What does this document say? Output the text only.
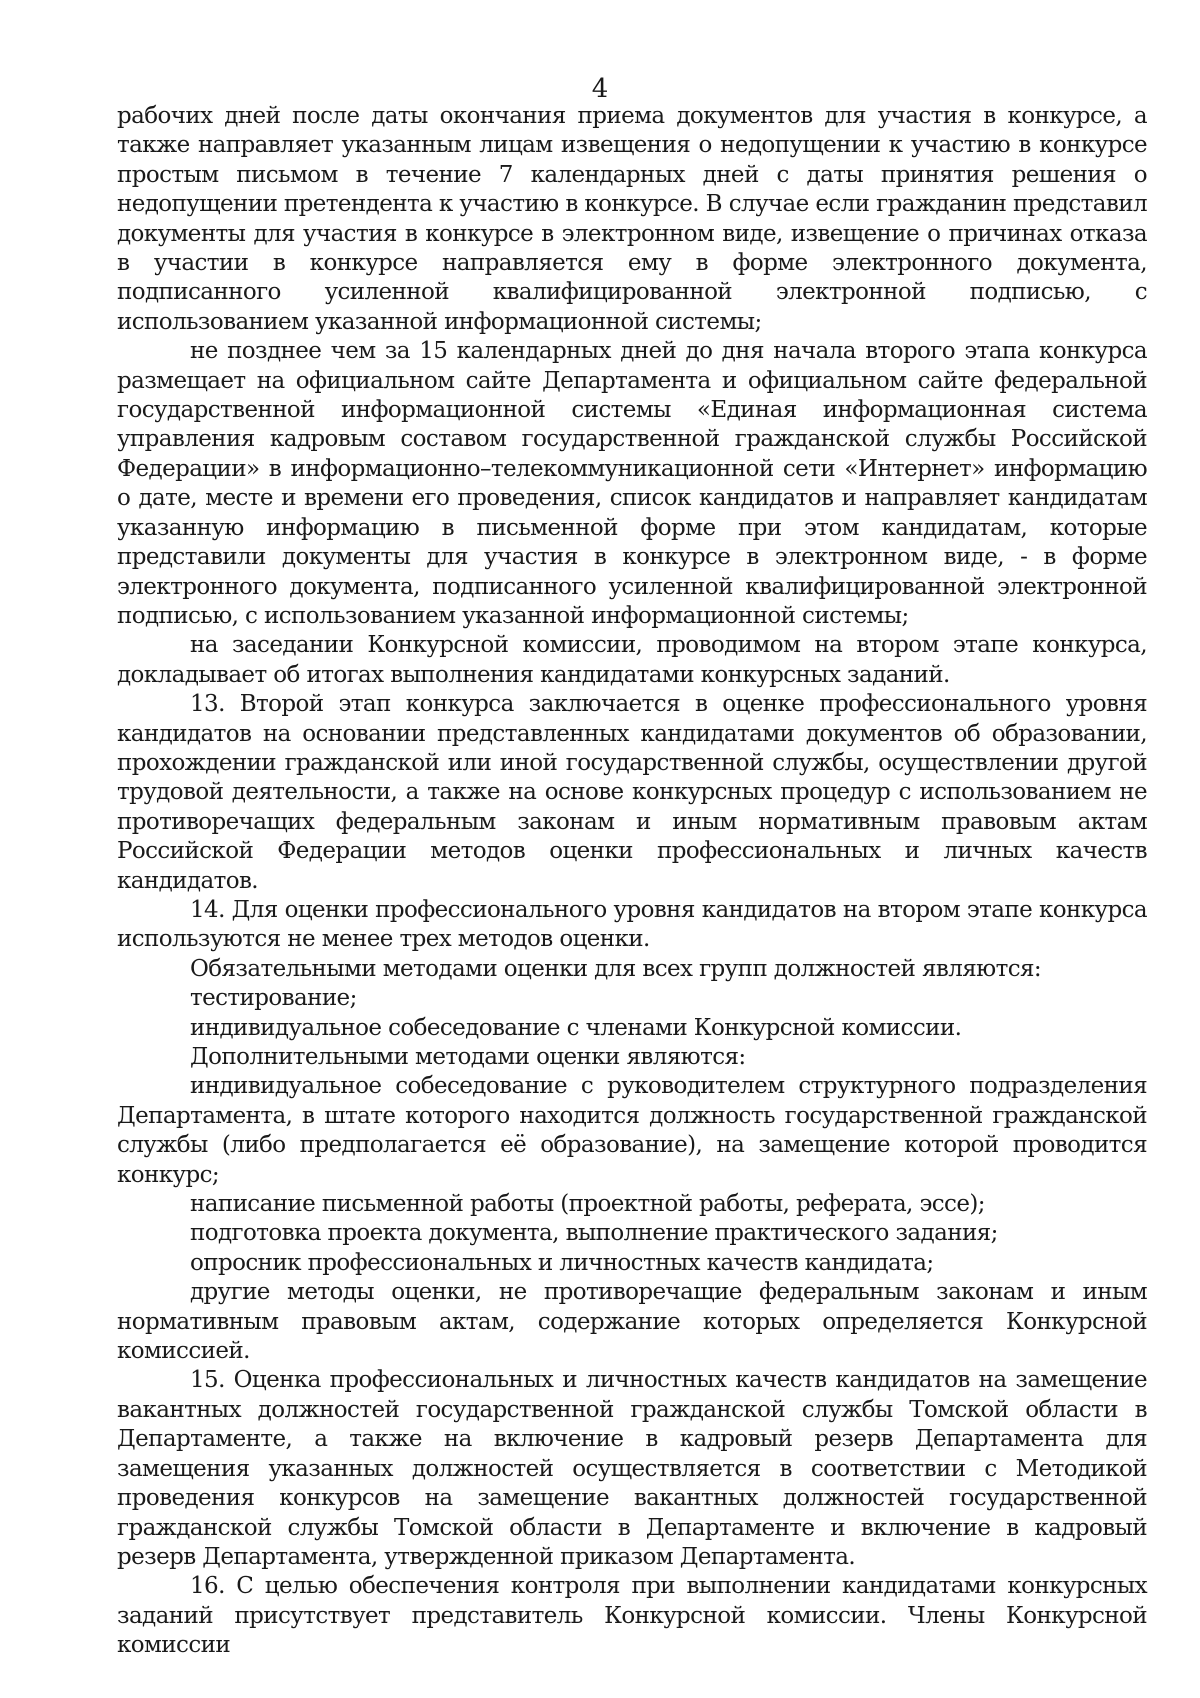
4

рабочих дней после даты окончания приема документов для участия в конкурсе, а также направляет указанным лицам извещения о недопущении к участию в конкурсе простым письмом в течение 7 календарных дней с даты принятия решения о недопущении претендента к участию в конкурсе. В случае если гражданин представил документы для участия в конкурсе в электронном виде, извещение о причинах отказа в участии в конкурсе направляется ему в форме электронного документа, подписанного усиленной квалифицированной электронной подписью, с использованием указанной информационной системы;

не позднее чем за 15 календарных дней до дня начала второго этапа конкурса размещает на официальном сайте Департамента и официальном сайте федеральной государственной информационной системы «Единая информационная система управления кадровым составом государственной гражданской службы Российской Федерации» в информационно–телекоммуникационной сети «Интернет» информацию о дате, месте и времени его проведения, список кандидатов и направляет кандидатам указанную информацию в письменной форме при этом кандидатам, которые представили документы для участия в конкурсе в электронном виде, - в форме электронного документа, подписанного усиленной квалифицированной электронной подписью, с использованием указанной информационной системы;

на заседании Конкурсной комиссии, проводимом на втором этапе конкурса, докладывает об итогах выполнения кандидатами конкурсных заданий.

13. Второй этап конкурса заключается в оценке профессионального уровня кандидатов на основании представленных кандидатами документов об образовании, прохождении гражданской или иной государственной службы, осуществлении другой трудовой деятельности, а также на основе конкурсных процедур с использованием не противоречащих федеральным законам и иным нормативным правовым актам Российской Федерации методов оценки профессиональных и личных качеств кандидатов.

14. Для оценки профессионального уровня кандидатов на втором этапе конкурса используются не менее трех методов оценки.

Обязательными методами оценки для всех групп должностей являются:

тестирование;

индивидуальное собеседование с членами Конкурсной комиссии.

Дополнительными методами оценки являются:

индивидуальное собеседование с руководителем структурного подразделения Департамента, в штате которого находится должность государственной гражданской службы (либо предполагается её образование), на замещение которой проводится конкурс;

написание письменной работы (проектной работы, реферата, эссе);

подготовка проекта документа, выполнение практического задания;

опросник профессиональных и личностных качеств кандидата;

другие методы оценки, не противоречащие федеральным законам и иным нормативным правовым актам, содержание которых определяется Конкурсной комиссией.

15. Оценка профессиональных и личностных качеств кандидатов на замещение вакантных должностей государственной гражданской службы Томской области в Департаменте, а также на включение в кадровый резерв Департамента для замещения указанных должностей осуществляется в соответствии с Методикой проведения конкурсов на замещение вакантных должностей государственной гражданской службы Томской области в Департаменте и включение в кадровый резерв Департамента, утвержденной приказом Департамента.

16. С целью обеспечения контроля при выполнении кандидатами конкурсных заданий присутствует представитель Конкурсной комиссии. Члены Конкурсной комиссии
